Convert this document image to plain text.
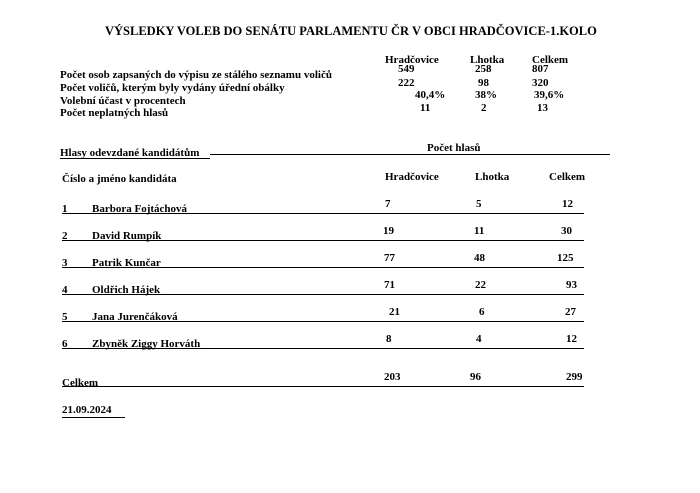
VÝSLEDKY VOLEB DO SENÁTU PARLAMENTU ČR V OBCI HRADČOVICE-1.KOLO
Hradčovice	Lhotka	Celkem
Počet osob zapsaných do výpisu ze stálého seznamu voličů	549	258	807
Počet voličů, kterým byly vydány úřední obálky	222	98	320
Volební účast v procentech	40,4%	38%	39,6%
Počet neplatných hlasů	11	2	13
Hlasy odevzdané kandidátům	Počet hlasů
Číslo a jméno kandidáta	Hradčovice	Lhotka	Celkem
1 Barbora Fojtáchová	7	5	12
2 David Rumpík	19	11	30
3 Patrik Kunčar	77	48	125
4 Oldřich Hájek	71	22	93
5 Jana Jurenčáková	21	6	27
6 Zbyněk Ziggy Horváth	8	4	12
Celkem	203	96	299
21.09.2024
